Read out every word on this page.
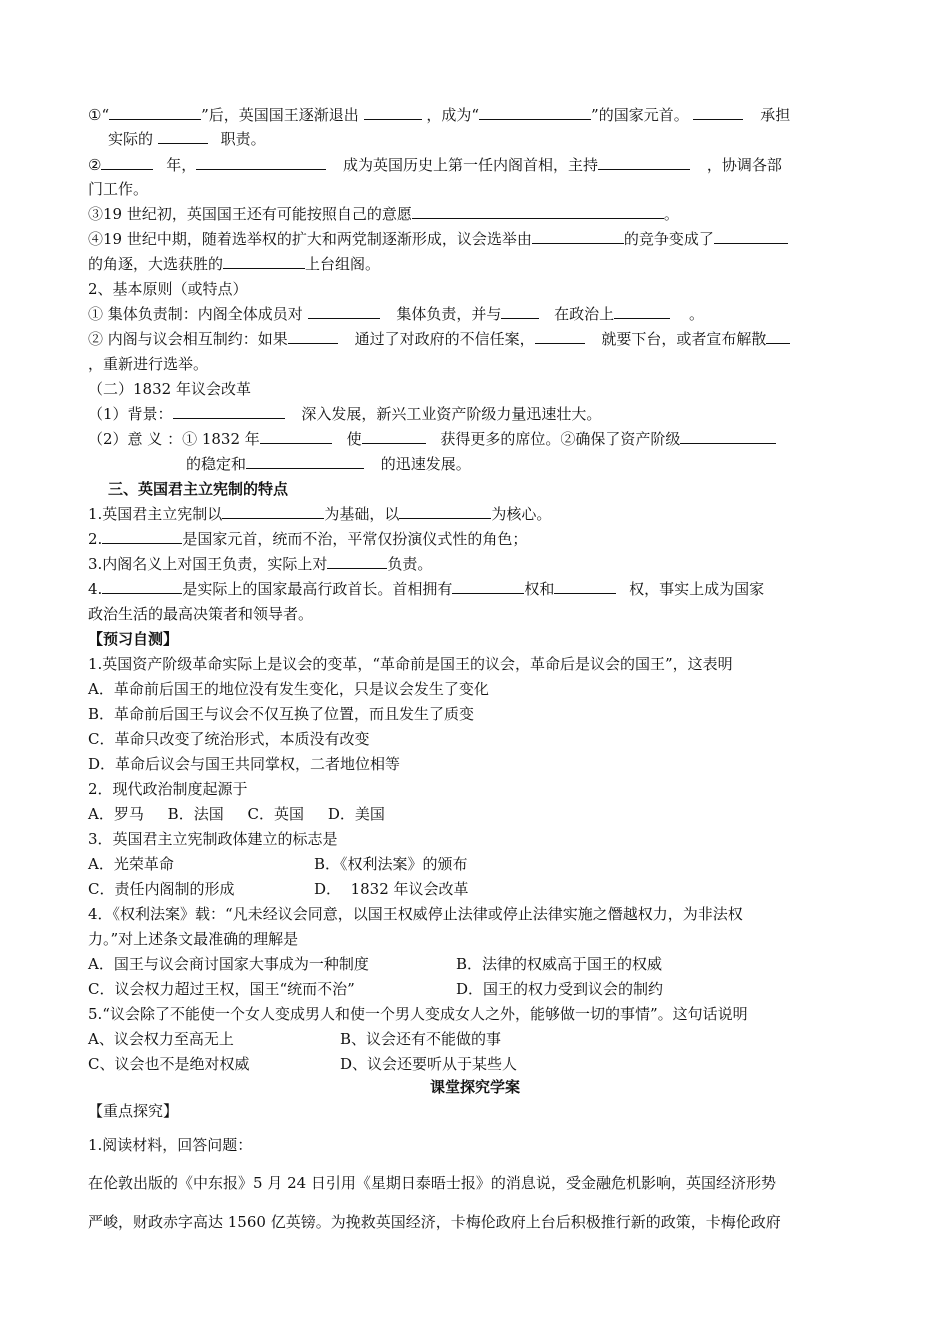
①“	”后，英国国王逐渐退出	，成为“	”的国家元首。	承担
实际的	职责。
②	年，	成为英国历史上第一任内阁首相，主持	，协调各部
门工作。
③19 世纪初，英国国王还有可能按照自己的意愿	。
④19 世纪中期，随着选举权的扩大和两党制逐渐形成，议会选举由	的竞争变成了
的角逐，大选获胜的	上台组阁。
2、基本原则（或特点）
① 集体负责制：内阁全体成员对	集体负责，并与	在政治上	。
② 内阁与议会相互制约：如果	通过了对政府的不信任案，	就要下台，或者宣布解散
，重新进行选举。
（二）1832 年议会改革
（1）背景：	深入发展，新兴工业资产阶级力量迅速壮大。
（2）意 义 ：① 1832 年	使	获得更多的席位。②确保了资产阶级
的稳定和	的迅速发展。
三、英国君主立宪制的特点
1.英国君主立宪制以	为基础，以	为核心。
2.	是国家元首，统而不治，平常仅扮演仪式性的角色；
3.内阁名义上对国王负责，实际上对	负责。
4.	是实际上的国家最高行政首长。首相拥有	权和	权，事实上成为国家
政治生活的最高决策者和领导者。
【预习自测】
1.英国资产阶级革命实际上是议会的变革，“革命前是国王的议会，革命后是议会的国王”，这表明
A．革命前后国王的地位没有发生变化，只是议会发生了变化
B．革命前后国王与议会不仅互换了位置，而且发生了质变
C．革命只改变了统治形式，本质没有改变
D．革命后议会与国王共同掌权，二者地位相等
2．现代政治制度起源于
A．罗马     B．法国     C．英国     D．美国
3．英国君主立宪制政体建立的标志是
A．光荣革命	B．《权利法案》的颁布
C．责任内阁制的形成	D．  1832 年议会改革
4．《权利法案》载：“凡未经议会同意，以国王权威停止法律或停止法律实施之僭越权力，为非法权
力。”对上述条文最准确的理解是
A．国王与议会商讨国家大事成为一种制度	B．法律的权威高于国王的权威
C．议会权力超过王权，国王“统而不治”	D．国王的权力受到议会的制约
5.“议会除了不能使一个女人变成男人和使一个男人变成女人之外，能够做一切的事情”。这句话说明
A、议会权力至高无上	B、议会还有不能做的事
C、议会也不是绝对权威	D、议会还要听从于某些人
课堂探究学案
【重点探究】
1.阅读材料，回答问题：
在伦敦出版的《中东报》5 月 24 日引用《星期日泰晤士报》的消息说，受金融危机影响，英国经济形势
严峻，财政赤字高达 1560 亿英镑。为挽救英国经济，卡梅伦政府上台后积极推行新的政策，卡梅伦政府
